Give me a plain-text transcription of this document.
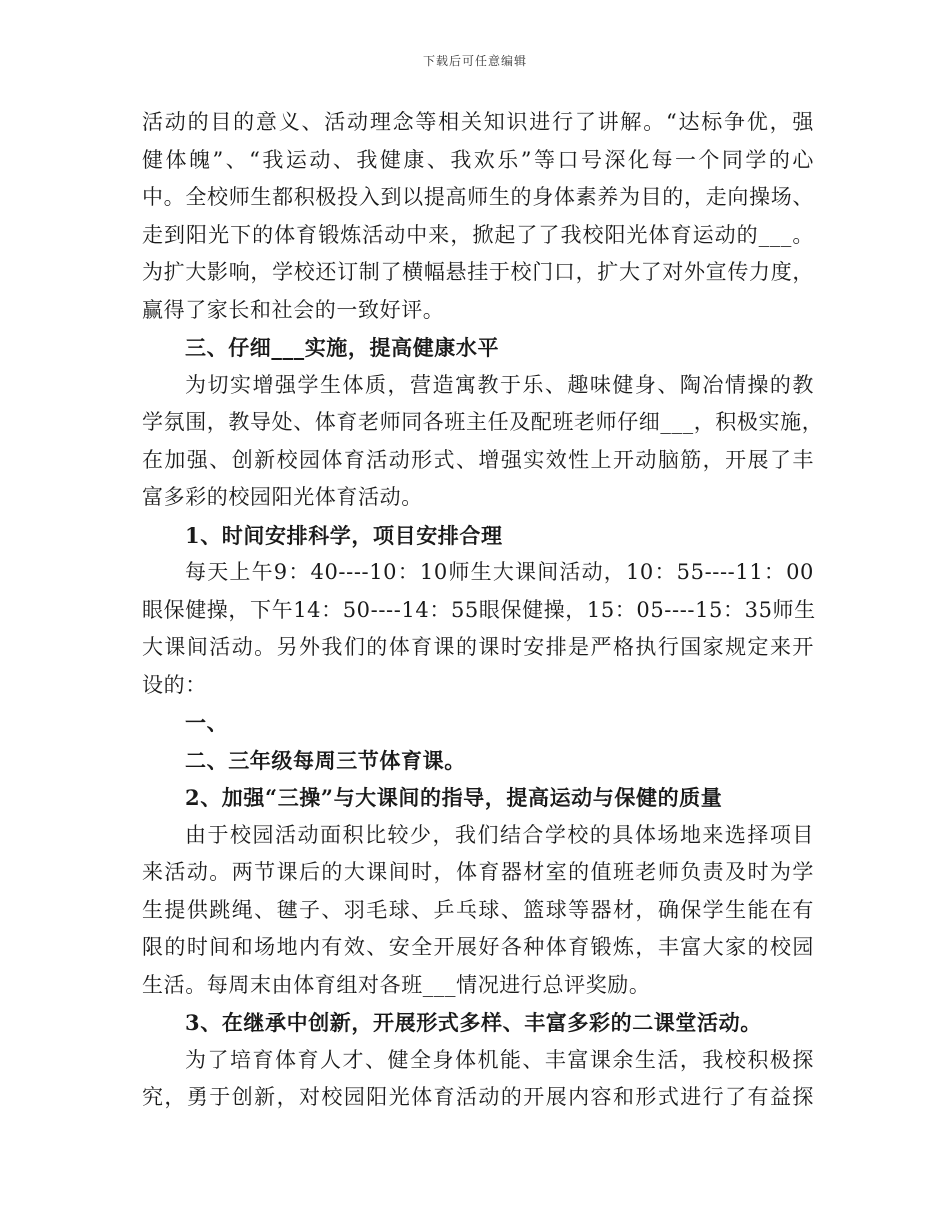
下载后可任意编辑
活动的目的意义、活动理念等相关知识进行了讲解。“达标争优，强
健体魄”、“我运动、我健康、我欢乐”等口号深化每一个同学的心
中。全校师生都积极投入到以提高师生的身体素养为目的，走向操场、
走到阳光下的体育锻炼活动中来，掀起了了我校阳光体育运动的___。
为扩大影响，学校还订制了横幅悬挂于校门口，扩大了对外宣传力度，
赢得了家长和社会的一致好评。
三、仔细___实施，提高健康水平
为切实增强学生体质，营造寓教于乐、趣味健身、陶冶情操的教
学氛围，教导处、体育老师同各班主任及配班老师仔细___，积极实施，
在加强、创新校园体育活动形式、增强实效性上开动脑筋，开展了丰
富多彩的校园阳光体育活动。
1、时间安排科学，项目安排合理
每天上午9：40----10：10师生大课间活动，10：55----11：00
眼保健操，下午14：50----14：55眼保健操，15：05----15：35师生
大课间活动。另外我们的体育课的课时安排是严格执行国家规定来开
设的：
一、
二、三年级每周三节体育课。
2、加强“三操”与大课间的指导，提高运动与保健的质量
由于校园活动面积比较少，我们结合学校的具体场地来选择项目
来活动。两节课后的大课间时，体育器材室的值班老师负责及时为学
生提供跳绳、毽子、羽毛球、乒乓球、篮球等器材，确保学生能在有
限的时间和场地内有效、安全开展好各种体育锻炼，丰富大家的校园
生活。每周末由体育组对各班___情况进行总评奖励。
3、在继承中创新，开展形式多样、丰富多彩的二课堂活动。
为了培育体育人才、健全身体机能、丰富课余生活，我校积极探
究，勇于创新，对校园阳光体育活动的开展内容和形式进行了有益探
